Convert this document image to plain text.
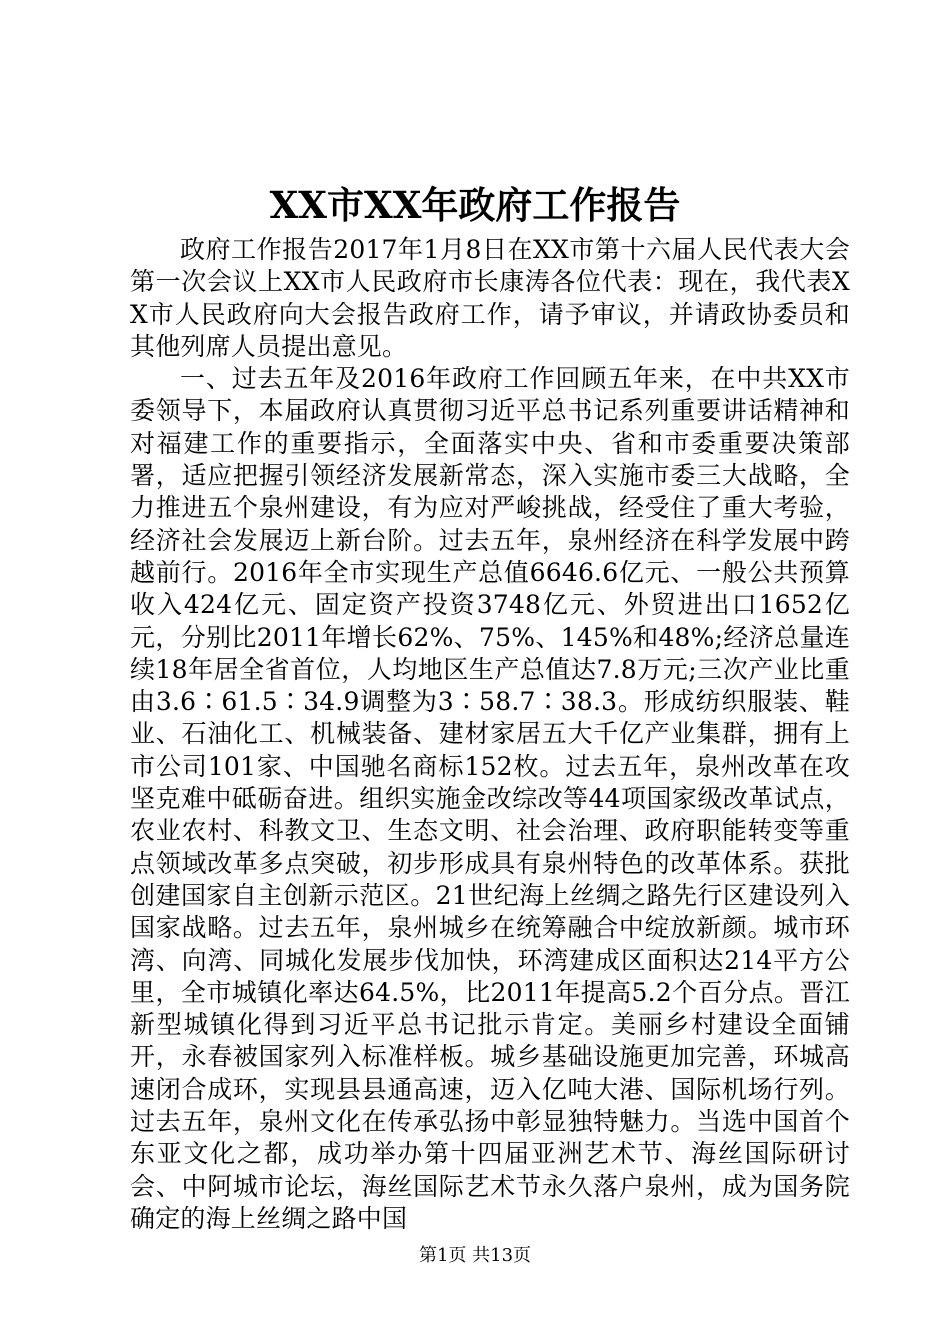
XX市XX年政府工作报告

政府工作报告2017年1月8日在XX市第十六届人民代表大会第一次会议上XX市人民政府市长康涛各位代表：现在，我代表XX市人民政府向大会报告政府工作，请予审议，并请政协委员和其他列席人员提出意见。

一、过去五年及2016年政府工作回顾五年来，在中共XX市委领导下，本届政府认真贯彻习近平总书记系列重要讲话精神和对福建工作的重要指示，全面落实中央、省和市委重要决策部署，适应把握引领经济发展新常态，深入实施市委三大战略，全力推进五个泉州建设，有为应对严峻挑战，经受住了重大考验，经济社会发展迈上新台阶。过去五年，泉州经济在科学发展中跨越前行。2016年全市实现生产总值6646.6亿元、一般公共预算收入424亿元、固定资产投资3748亿元、外贸进出口1652亿元，分别比2011年增长62%、75%、145%和48%;经济总量连续18年居全省首位，人均地区生产总值达7.8万元;三次产业比重由3.6∶61.5∶34.9调整为3∶58.7∶38.3。形成纺织服装、鞋业、石油化工、机械装备、建材家居五大千亿产业集群，拥有上市公司101家、中国驰名商标152枚。过去五年，泉州改革在攻坚克难中砥砺奋进。组织实施金改综改等44项国家级改革试点，农业农村、科教文卫、生态文明、社会治理、政府职能转变等重点领域改革多点突破，初步形成具有泉州特色的改革体系。获批创建国家自主创新示范区。21世纪海上丝绸之路先行区建设列入国家战略。过去五年，泉州城乡在统筹融合中绽放新颜。城市环湾、向湾、同城化发展步伐加快，环湾建成区面积达214平方公里，全市城镇化率达64.5%，比2011年提高5.2个百分点。晋江新型城镇化得到习近平总书记批示肯定。美丽乡村建设全面铺开，永春被国家列入标准样板。城乡基础设施更加完善，环城高速闭合成环，实现县县通高速，迈入亿吨大港、国际机场行列。过去五年，泉州文化在传承弘扬中彰显独特魅力。当选中国首个东亚文化之都，成功举办第十四届亚洲艺术节、海丝国际研讨会、中阿城市论坛，海丝国际艺术节永久落户泉州，成为国务院确定的海上丝绸之路中国

第1页 共13页
